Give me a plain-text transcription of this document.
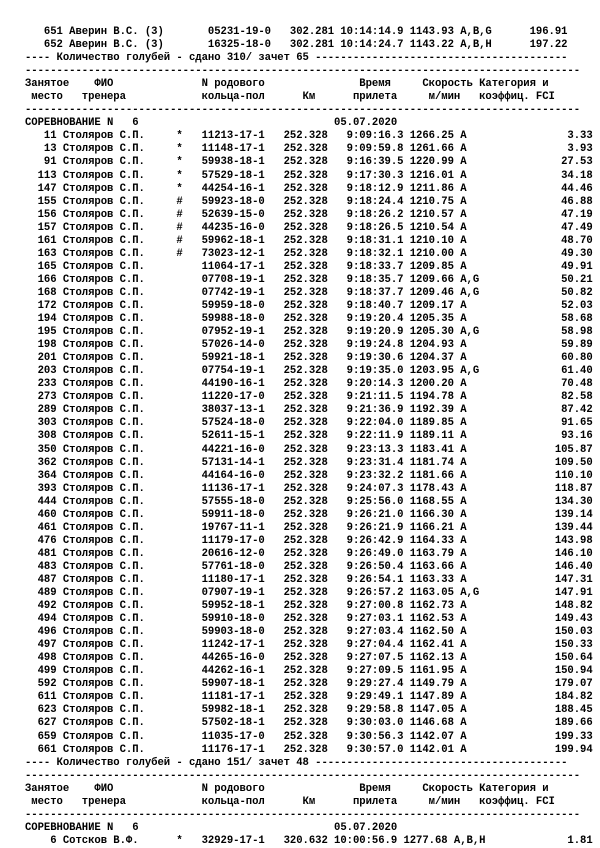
651 Аверин В.С. (3)       05231-19-0   302.281 10:14:14.9 1143.93 A,B,G      196.91
652 Аверин В.С. (3)       16325-18-0   302.281 10:14:24.7 1143.22 A,B,H      197.22
---- Количество голубей - сдано 310/ зачет 65 ----------------------------------------
----------------------------------------------------------------------------------------
Занятое    ФИО              N родового               Время     Скорость Категория и
место   тренера            кольца-пол      Км      прилета     м/мин   коэффиц. FCI
----------------------------------------------------------------------------------------
СОРЕВНОВАНИЕ N   6                               05.07.2020
11 Столяров С.П.     *   11213-17-1   252.328   9:09:16.3 1266.25 A                3.33
13 Столяров С.П.     *   11148-17-1   252.328   9:09:59.8 1261.66 A                3.93
91 Столяров С.П.     *   59938-18-1   252.328   9:16:39.5 1220.99 A               27.53
113 Столяров С.П.     *   57529-18-1   252.328   9:17:30.3 1216.01 A               34.18
147 Столяров С.П.     *   44254-16-1   252.328   9:18:12.9 1211.86 A               44.46
155 Столяров С.П.     #   59923-18-0   252.328   9:18:24.4 1210.75 A               46.88
156 Столяров С.П.     #   52639-15-0   252.328   9:18:26.2 1210.57 A               47.19
157 Столяров С.П.     #   44235-16-0   252.328   9:18:26.5 1210.54 A               47.49
161 Столяров С.П.     #   59962-18-1   252.328   9:18:31.1 1210.10 A               48.70
163 Столяров С.П.     #   73023-12-1   252.328   9:18:32.1 1210.00 A               49.30
165 Столяров С.П.         11064-17-1   252.328   9:18:33.7 1209.85 A               49.91
166 Столяров С.П.         07708-19-1   252.328   9:18:35.7 1209.66 A,G             50.21
168 Столяров С.П.         07742-19-1   252.328   9:18:37.7 1209.46 A,G             50.82
172 Столяров С.П.         59959-18-0   252.328   9:18:40.7 1209.17 A               52.03
194 Столяров С.П.         59988-18-0   252.328   9:19:20.4 1205.35 A               58.68
195 Столяров С.П.         07952-19-1   252.328   9:19:20.9 1205.30 A,G             58.98
198 Столяров С.П.         57026-14-0   252.328   9:19:24.8 1204.93 A               59.89
201 Столяров С.П.         59921-18-1   252.328   9:19:30.6 1204.37 A               60.80
203 Столяров С.П.         07754-19-1   252.328   9:19:35.0 1203.95 A,G             61.40
233 Столяров С.П.         44190-16-1   252.328   9:20:14.3 1200.20 A               70.48
273 Столяров С.П.         11220-17-0   252.328   9:21:11.5 1194.78 A               82.58
289 Столяров С.П.         38037-13-1   252.328   9:21:36.9 1192.39 A               87.42
303 Столяров С.П.         57524-18-0   252.328   9:22:04.0 1189.85 A               91.65
308 Столяров С.П.         52611-15-1   252.328   9:22:11.9 1189.11 A               93.16
350 Столяров С.П.         44221-16-0   252.328   9:23:13.3 1183.41 A              105.87
362 Столяров С.П.         57131-14-1   252.328   9:23:31.4 1181.74 A              109.50
364 Столяров С.П.         44164-16-0   252.328   9:23:32.2 1181.66 A              110.10
393 Столяров С.П.         11136-17-1   252.328   9:24:07.3 1178.43 A              118.87
444 Столяров С.П.         57555-18-0   252.328   9:25:56.0 1168.55 A              134.30
460 Столяров С.П.         59911-18-0   252.328   9:26:21.0 1166.30 A              139.14
461 Столяров С.П.         19767-11-1   252.328   9:26:21.9 1166.21 A              139.44
476 Столяров С.П.         11179-17-0   252.328   9:26:42.9 1164.33 A              143.98
481 Столяров С.П.         20616-12-0   252.328   9:26:49.0 1163.79 A              146.10
483 Столяров С.П.         57761-18-0   252.328   9:26:50.4 1163.66 A              146.40
487 Столяров С.П.         11180-17-1   252.328   9:26:54.1 1163.33 A              147.31
489 Столяров С.П.         07907-19-1   252.328   9:26:57.2 1163.05 A,G            147.91
492 Столяров С.П.         59952-18-1   252.328   9:27:00.8 1162.73 A              148.82
494 Столяров С.П.         59910-18-0   252.328   9:27:03.1 1162.53 A              149.43
496 Столяров С.П.         59903-18-0   252.328   9:27:03.4 1162.50 A              150.03
497 Столяров С.П.         11242-17-1   252.328   9:27:04.4 1162.41 A              150.33
498 Столяров С.П.         44265-16-0   252.328   9:27:07.5 1162.13 A              150.64
499 Столяров С.П.         44262-16-1   252.328   9:27:09.5 1161.95 A              150.94
592 Столяров С.П.         59907-18-1   252.328   9:29:27.4 1149.79 A              179.07
611 Столяров С.П.         11181-17-1   252.328   9:29:49.1 1147.89 A              184.82
623 Столяров С.П.         59982-18-1   252.328   9:29:58.8 1147.05 A              188.45
627 Столяров С.П.         57502-18-1   252.328   9:30:03.0 1146.68 A              189.66
659 Столяров С.П.         11035-17-0   252.328   9:30:56.3 1142.07 A              199.33
661 Столяров С.П.         11176-17-1   252.328   9:30:57.0 1142.01 A              199.94
---- Количество голубей - сдано 151/ зачет 48 ----------------------------------------
----------------------------------------------------------------------------------------
Занятое    ФИО              N родового               Время     Скорость Категория и
место   тренера            кольца-пол      Км      прилета     м/мин   коэффиц. FCI
----------------------------------------------------------------------------------------
СОРЕВНОВАНИЕ N   6                               05.07.2020
6 Сотсков В.Ф.      *   32929-17-1   320.632 10:00:56.9 1277.68 A,B,H             1.81
